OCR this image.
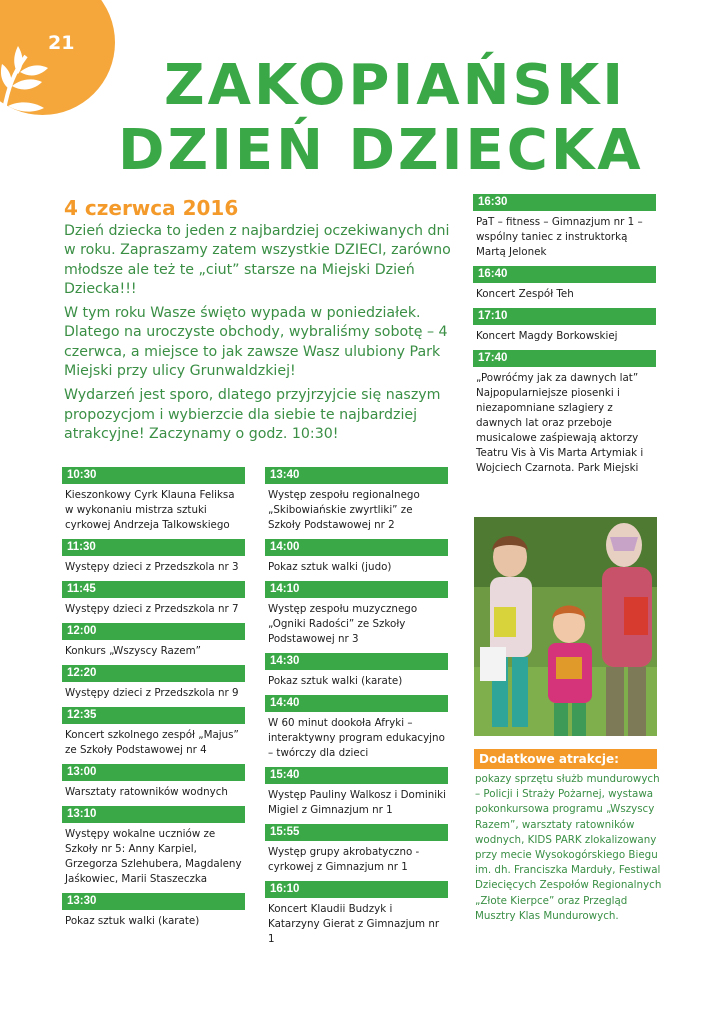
21
ZAKOPIAŃSKI
DZIEŃ DZIECKA
4 czerwca 2016

Dzień dziecka to jeden z najbardziej oczekiwanych dni w roku. Zapraszamy zatem wszystkie DZIECI, zarówno młodsze ale też te „ciut” starsze na Miejski Dzień Dziecka!!!

W tym roku Wasze święto wypada w poniedziałek. Dlatego na uroczyste obchody, wybraliśmy sobotę – 4 czerwca, a miejsce to jak zawsze Wasz ulubiony Park Miejski przy ulicy Grunwaldzkiej!

Wydarzeń jest sporo, dlatego przyjrzyjcie się naszym propozycjom i wybierzcie dla siebie te najbardziej atrakcyjne! Zaczynamy o godz. 10:30!

10:30
Kieszonkowy Cyrk Klauna Feliksa w wykonaniu mistrza sztuki cyrkowej Andrzeja Talkowskiego
11:30
Występy dzieci z Przedszkola nr 3
11:45
Występy dzieci z Przedszkola nr 7
12:00
Konkurs „Wszyscy Razem”
12:20
Występy dzieci z Przedszkola nr 9
12:35
Koncert szkolnego zespół „Majus” ze Szkoły Podstawowej nr 4
13:00
Warsztaty ratowników wodnych
13:10
Występy wokalne uczniów ze Szkoły nr 5: Anny Karpiel, Grzegorza Szlehubera, Magdaleny Jaśkowiec, Marii Staszeczka
13:30
Pokaz sztuk walki (karate)
13:40
Występ zespołu regionalnego „Skibowiańskie zwyrtliki” ze Szkoły Podstawowej nr 2
14:00
Pokaz sztuk walki (judo)
14:10
Występ zespołu muzycznego „Ogniki Radości” ze Szkoły Podstawowej nr 3
14:30
Pokaz sztuk walki (karate)
14:40
W 60 minut dookoła Afryki – interaktywny program edukacyjno – twórczy dla dzieci
15:40
Występ Pauliny Walkosz i Dominiki Migiel z Gimnazjum nr 1
15:55
Występ grupy akrobatyczno - cyrkowej z Gimnazjum nr 1
16:10
Koncert Klaudii Budzyk i Katarzyny Gierat z Gimnazjum nr 1
16:30
PaT – fitness – Gimnazjum nr 1 – wspólny taniec z instruktorką Martą Jelonek
16:40
Koncert Zespół Teh
17:10
Koncert Magdy Borkowskiej
17:40
„Powróćmy jak za dawnych lat” Najpopularniejsze piosenki i niezapomniane szlagiery z dawnych lat oraz przeboje musicalowe zaśpiewają aktorzy Teatru Vis à Vis Marta Artymiak i Wojciech Czarnota. Park Miejski
Dodatkowe atrakcje:
pokazy sprzętu służb mundurowych – Policji i Straży Pożarnej, wystawa pokonkursowa programu „Wszyscy Razem”, warsztaty ratowników wodnych, KIDS PARK zlokalizowany przy mecie Wysokogórskiego Biegu im. dh. Franciszka Marduły, Festiwal Dziecięcych Zespołów Regionalnych „Złote Kierpce” oraz Przegląd Musztry Klas Mundurowych.
